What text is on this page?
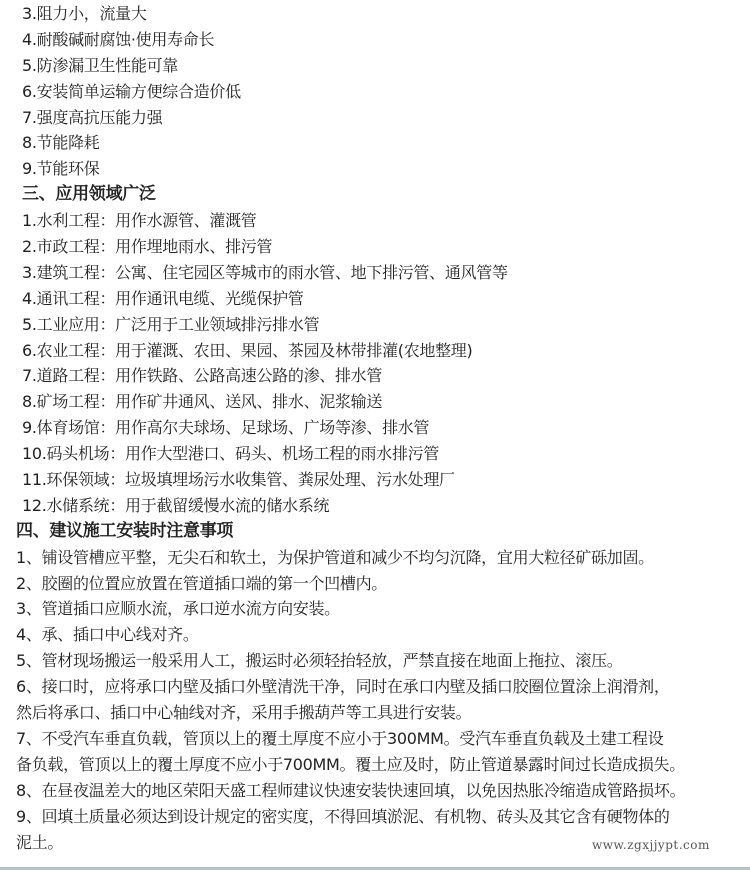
3.阻力小，流量大
4.耐酸碱耐腐蚀·使用寿命长
5.防渗漏卫生性能可靠
6.安装简单运输方便综合造价低
7.强度高抗压能力强
8.节能降耗
9.节能环保
三、应用领域广泛
1.水利工程：用作水源管、灌溉管
2.市政工程：用作埋地雨水、排污管
3.建筑工程：公寓、住宅园区等城市的雨水管、地下排污管、通风管等
4.通讯工程：用作通讯电缆、光缆保护管
5.工业应用：广泛用于工业领域排污排水管
6.农业工程：用于灌溉、农田、果园、茶园及林带排灌(农地整理)
7.道路工程：用作铁路、公路高速公路的渗、排水管
8.矿场工程：用作矿井通风、送风、排水、泥浆输送
9.体育场馆：用作高尔夫球场、足球场、广场等渗、排水管
10.码头机场：用作大型港口、码头、机场工程的雨水排污管
11.环保领域：垃圾填埋场污水收集管、粪尿处理、污水处理厂
12.水储系统：用于截留缓慢水流的储水系统
四、建议施工安装时注意事项
1、铺设管槽应平整，无尖石和软土，为保护管道和减少不均匀沉降，宜用大粒径矿砾加固。
2、胶圈的位置应放置在管道插口端的第一个凹槽内。
3、管道插口应顺水流，承口逆水流方向安装。
4、承、插口中心线对齐。
5、管材现场搬运一般采用人工，搬运时必须轻抬轻放，严禁直接在地面上拖拉、滚压。
6、接口时，应将承口内壁及插口外壁清洗干净，同时在承口内壁及插口胶圈位置涂上润滑剂，
然后将承口、插口中心轴线对齐，采用手搬葫芦等工具进行安装。
7、不受汽车垂直负载，管顶以上的覆土厚度不应小于300MM。受汽车垂直负载及土建工程设
备负载，管顶以上的覆土厚度不应小于700MM。覆土应及时，防止管道暴露时间过长造成损失。
8、在昼夜温差大的地区荣阳天盛工程师建议快速安装快速回填，以免因热胀冷缩造成管路损坏。
9、回填土质量必须达到设计规定的密实度，不得回填淤泥、有机物、砖头及其它含有硬物体的
泥土。	www.zgxjjypt.com
